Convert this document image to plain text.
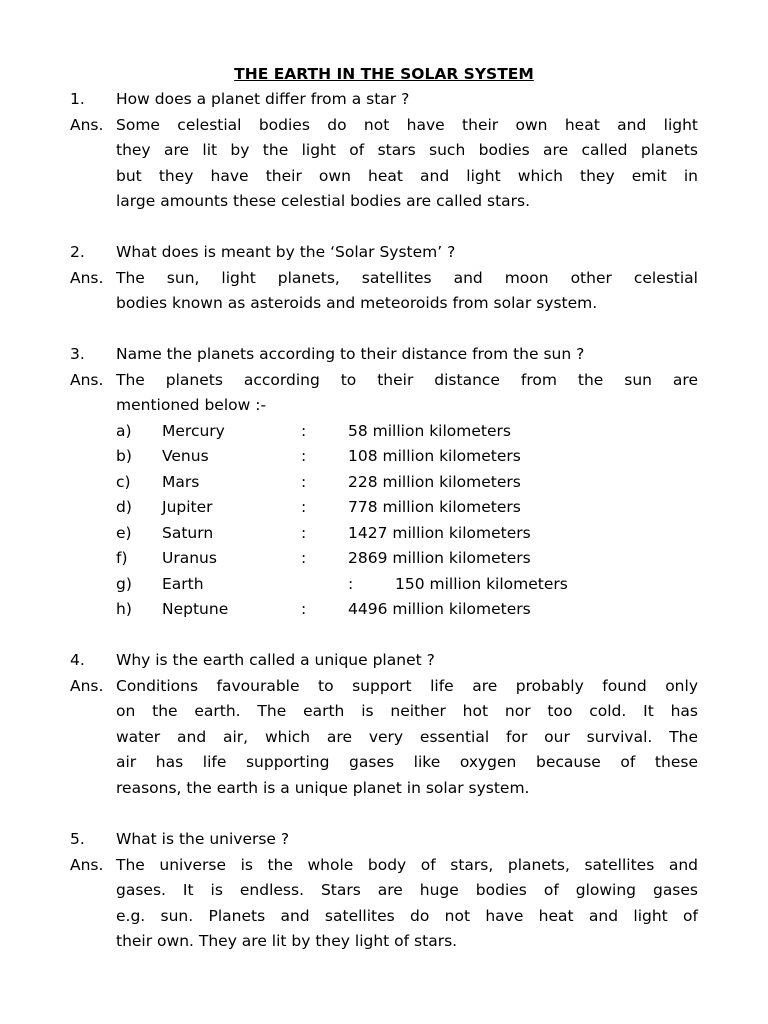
THE EARTH IN THE SOLAR SYSTEM
1. How does a planet differ from a star ?
Ans. Some celestial bodies do not have their own heat and light
they are lit by the light of stars such bodies are called planets
but they have their own heat and light which they emit in
large amounts these celestial bodies are called stars.
2. What does is meant by the ‘Solar System’ ?
Ans. The sun, light planets, satellites and moon other celestial
bodies known as asteroids and meteoroids from solar system.
3. Name the planets according to their distance from the sun ?
Ans. The planets according to their distance from the sun are
mentioned below :-
a) Mercury	:	58 million kilometers
b) Venus	:	108 million kilometers
c) Mars	:	228 million kilometers
d) Jupiter	:	778 million kilometers
e) Saturn	:	1427 million kilometers
f) Uranus	:	2869 million kilometers
g) Earth	:	150 million kilometers
h) Neptune	:	4496 million kilometers
4. Why is the earth called a unique planet ?
Ans. Conditions favourable to support life are probably found only
on the earth. The earth is neither hot nor too cold. It has
water and air, which are very essential for our survival. The
air has life supporting gases like oxygen because of these
reasons, the earth is a unique planet in solar system.
5. What is the universe ?
Ans. The universe is the whole body of stars, planets, satellites and
gases. It is endless. Stars are huge bodies of glowing gases
e.g. sun. Planets and satellites do not have heat and light of
their own. They are lit by they light of stars.
